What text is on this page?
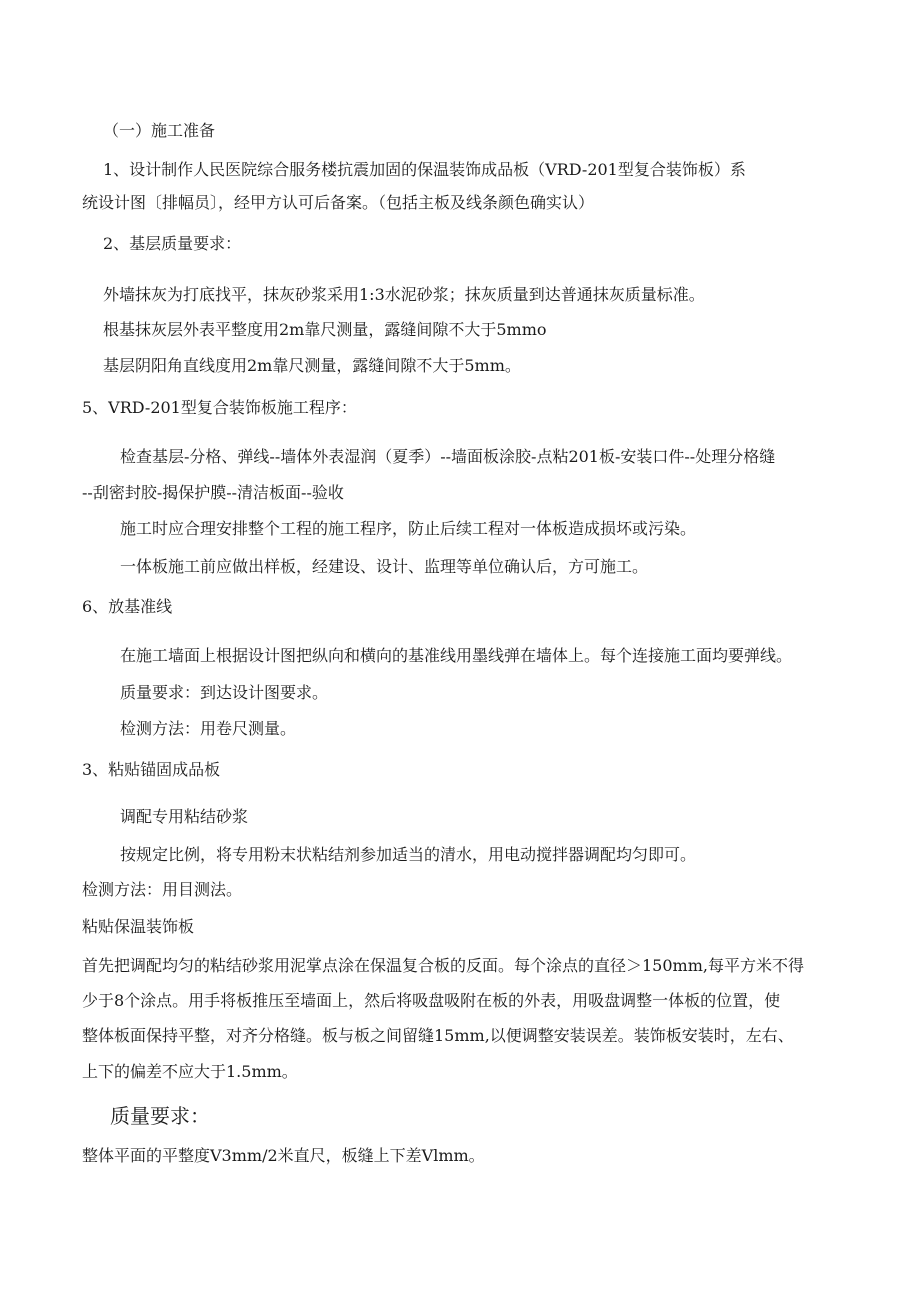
（一）施工准备

1、设计制作人民医院综合服务楼抗震加固的保温装饰成品板（VRD-201型复合装饰板）系

统设计图〔排幅员〕，经甲方认可后备案。（包括主板及线条颜色确实认）

2、基层质量要求：

外墙抹灰为打底找平，抹灰砂浆采用1:3水泥砂浆；抹灰质量到达普通抹灰质量标准。

根基抹灰层外表平整度用2m靠尺测量，露缝间隙不大于5mmo

基层阴阳角直线度用2m靠尺测量，露缝间隙不大于5mm。

5、VRD-201型复合装饰板施工程序：

检查基层-分格、弹线--墙体外表湿润（夏季）--墙面板涂胶-点粘201板-安装口件--处理分格缝

--刮密封胶-揭保护膜--清洁板面--验收

施工时应合理安排整个工程的施工程序，防止后续工程对一体板造成损坏或污染。

一体板施工前应做出样板，经建设、设计、监理等单位确认后，方可施工。

6、放基准线

在施工墙面上根据设计图把纵向和横向的基准线用墨线弹在墙体上。每个连接施工面均要弹线。

质量要求：到达设计图要求。

检测方法：用卷尺测量。

3、粘贴锚固成品板

调配专用粘结砂浆

按规定比例，将专用粉末状粘结剂参加适当的清水，用电动搅拌器调配均匀即可。

检测方法：用目测法。

粘贴保温装饰板

首先把调配均匀的粘结砂浆用泥掌点涂在保温复合板的反面。每个涂点的直径＞150mm,每平方米不得

少于8个涂点。用手将板推压至墙面上，然后将吸盘吸附在板的外表，用吸盘调整一体板的位置，使

整体板面保持平整，对齐分格缝。板与板之间留缝15mm,以便调整安装误差。装饰板安装时，左右、

上下的偏差不应大于1.5mm。

质量要求：

整体平面的平整度V3mm/2米直尺，板缝上下差Vlmm。
